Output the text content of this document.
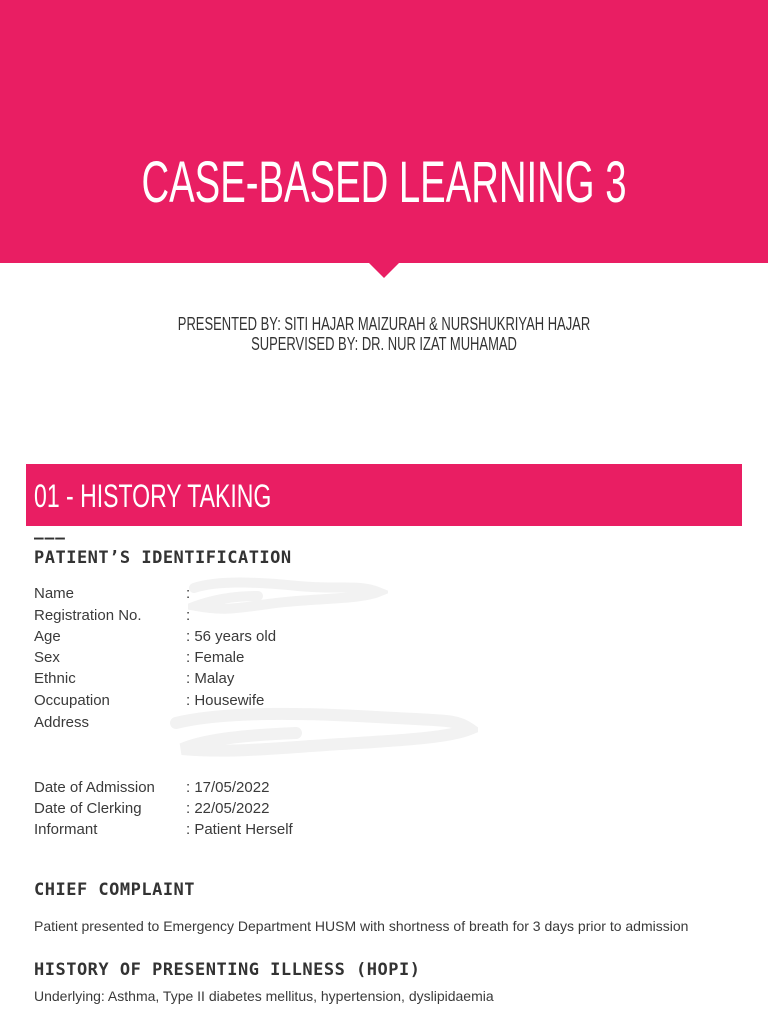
CASE-BASED LEARNING 3
PRESENTED BY: SITI HAJAR MAIZURAH & NURSHUKRIYAH HAJAR
SUPERVISED BY: DR. NUR IZAT MUHAMAD
01 - HISTORY TAKING
———
PATIENT’S IDENTIFICATION
Name	:
Registration No.	:
Age	: 56 years old
Sex	: Female
Ethnic	: Malay
Occupation	: Housewife
Address
Date of Admission : 17/05/2022
Date of Clerking	: 22/05/2022
Informant	: Patient Herself
CHIEF COMPLAINT
Patient presented to Emergency Department HUSM with shortness of breath for 3 days prior to admission
HISTORY OF PRESENTING ILLNESS (HOPI)
Underlying: Asthma, Type II diabetes mellitus, hypertension, dyslipidaemia
